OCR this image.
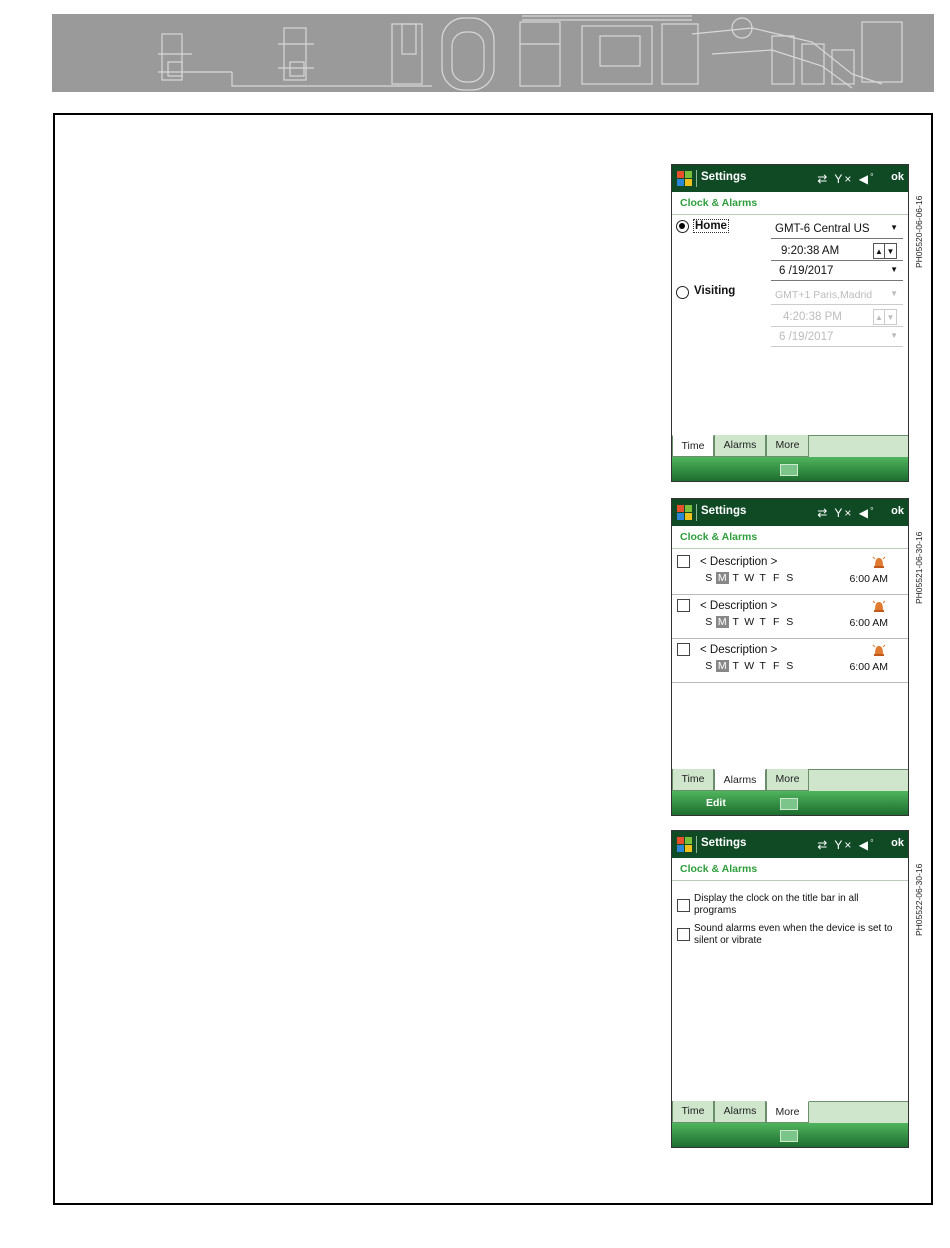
Settings	⇄ Y× ◀ﾟ ok
Clock & Alarms
Home	GMT-6 Central US	▼
9:20:38 AM	▲ ▼
6 /19/2017	▼
Visiting	GMT+1 Paris,Madrid ▼
4:20:38 PM	▲ ▼
6 /19/2017	▼
Time	Alarms	More
PH05520-06-06-16
Settings	⇄ Y× ◀ﾟ ok
Clock & Alarms
< Description >
S M T W T F S	6:00 AM
< Description >
S M T W T F S	6:00 AM
< Description >
S M T W T F S	6:00 AM
Time	Alarms	More
Edit
PH05521-06-30-16
Settings	⇄ Y× ◀ﾟ ok
Clock & Alarms
Display the clock on the title bar in all programs
Sound alarms even when the device is set to silent or vibrate
Time	Alarms	More
PH05522-06-30-16
